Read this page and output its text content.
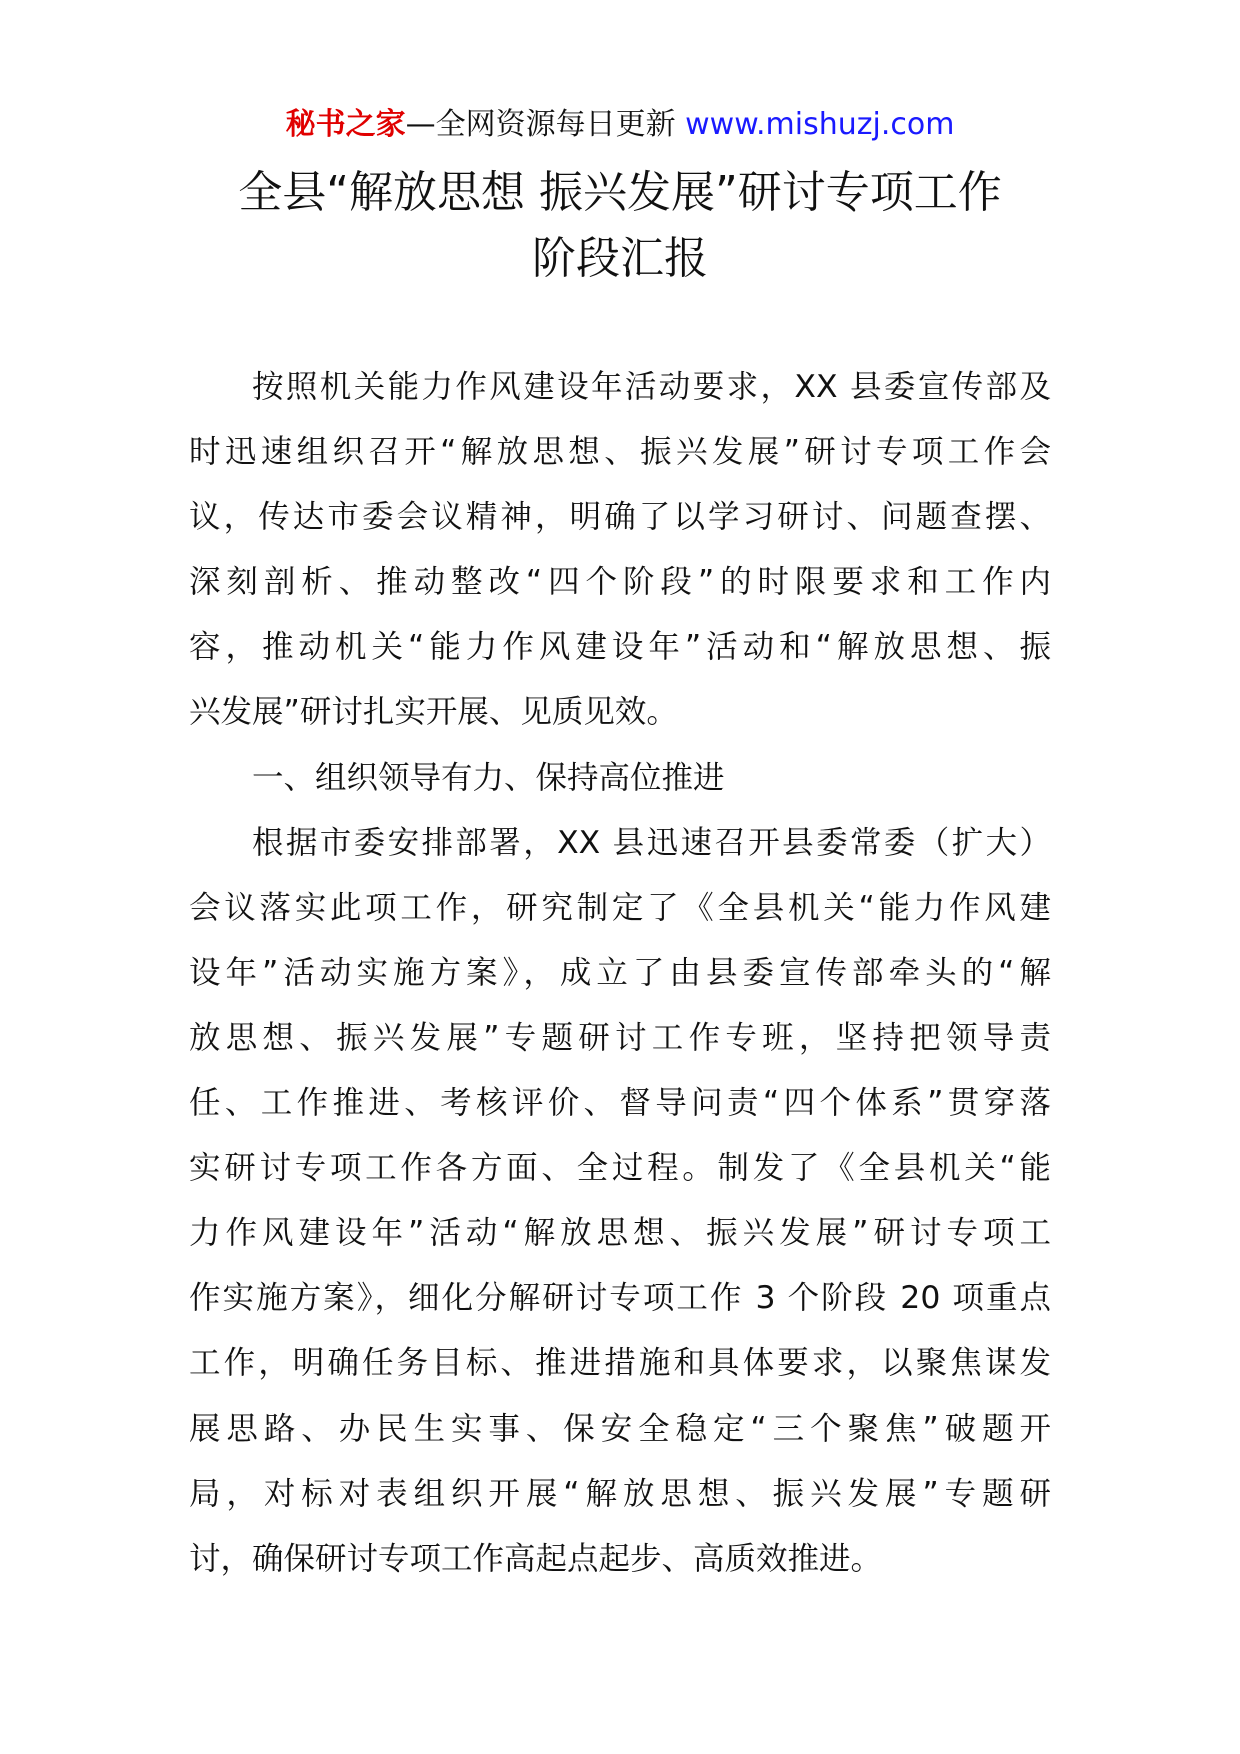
秘书之家—全网资源每日更新 www.mishuzj.com
全县“解放思想 振兴发展”研讨专项工作
阶段汇报
按照机关能力作风建设年活动要求，XX 县委宣传部及
时迅速组织召开“解放思想、振兴发展”研讨专项工作会
议，传达市委会议精神，明确了以学习研讨、问题查摆、
深刻剖析、推动整改“四个阶段”的时限要求和工作内
容，推动机关“能力作风建设年”活动和“解放思想、振
兴发展”研讨扎实开展、见质见效。
一、组织领导有力、保持高位推进
根据市委安排部署，XX 县迅速召开县委常委（扩大）
会议落实此项工作，研究制定了《全县机关“能力作风建
设年”活动实施方案》，成立了由县委宣传部牵头的“解
放思想、振兴发展”专题研讨工作专班，坚持把领导责
任、工作推进、考核评价、督导问责“四个体系”贯穿落
实研讨专项工作各方面、全过程。制发了《全县机关“能
力作风建设年”活动“解放思想、振兴发展”研讨专项工
作实施方案》，细化分解研讨专项工作 3 个阶段 20 项重点
工作，明确任务目标、推进措施和具体要求，以聚焦谋发
展思路、办民生实事、保安全稳定“三个聚焦”破题开
局，对标对表组织开展“解放思想、振兴发展”专题研
讨，确保研讨专项工作高起点起步、高质效推进。
